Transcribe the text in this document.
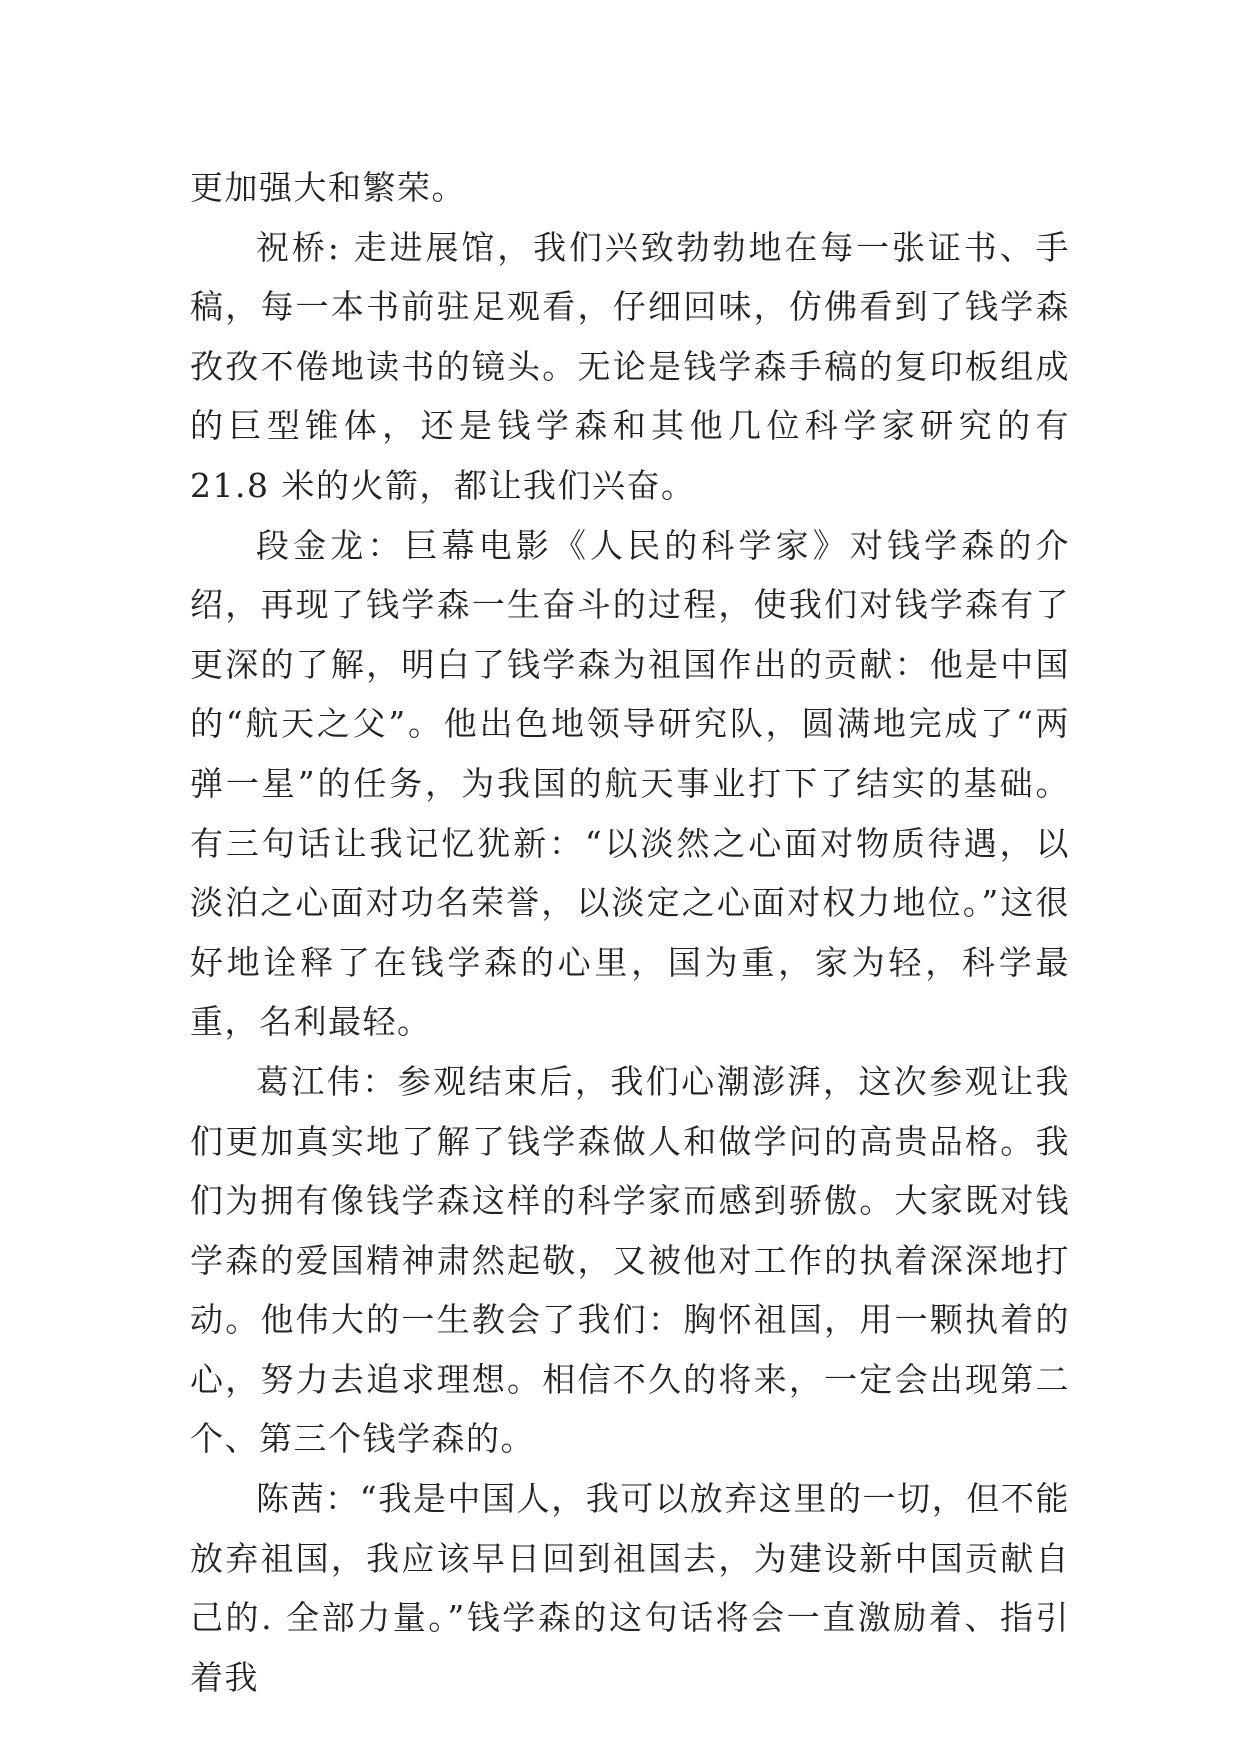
更加强大和繁荣。

祝桥: 走进展馆，我们兴致勃勃地在每一张证书、手稿，每一本书前驻足观看，仔细回味，仿佛看到了钱学森孜孜不倦地读书的镜头。无论是钱学森手稿的复印板组成的巨型锥体，还是钱学森和其他几位科学家研究的有 21.8 米的火箭，都让我们兴奋。

段金龙：巨幕电影《人民的科学家》对钱学森的介绍，再现了钱学森一生奋斗的过程，使我们对钱学森有了更深的了解，明白了钱学森为祖国作出的贡献：他是中国的“航天之父”。他出色地领导研究队，圆满地完成了“两弹一星”的任务，为我国的航天事业打下了结实的基础。有三句话让我记忆犹新：“以淡然之心面对物质待遇，以淡泊之心面对功名荣誉，以淡定之心面对权力地位。”这很好地诠释了在钱学森的心里，国为重，家为轻，科学最重，名利最轻。

葛江伟：参观结束后，我们心潮澎湃，这次参观让我们更加真实地了解了钱学森做人和做学问的高贵品格。我们为拥有像钱学森这样的科学家而感到骄傲。大家既对钱学森的爱国精神肃然起敬，又被他对工作的执着深深地打动。他伟大的一生教会了我们：胸怀祖国，用一颗执着的心，努力去追求理想。相信不久的将来，一定会出现第二个、第三个钱学森的。

陈茜：“我是中国人，我可以放弃这里的一切，但不能放弃祖国，我应该早日回到祖国去，为建设新中国贡献自己的. 全部力量。”钱学森的这句话将会一直激励着、指引着我
